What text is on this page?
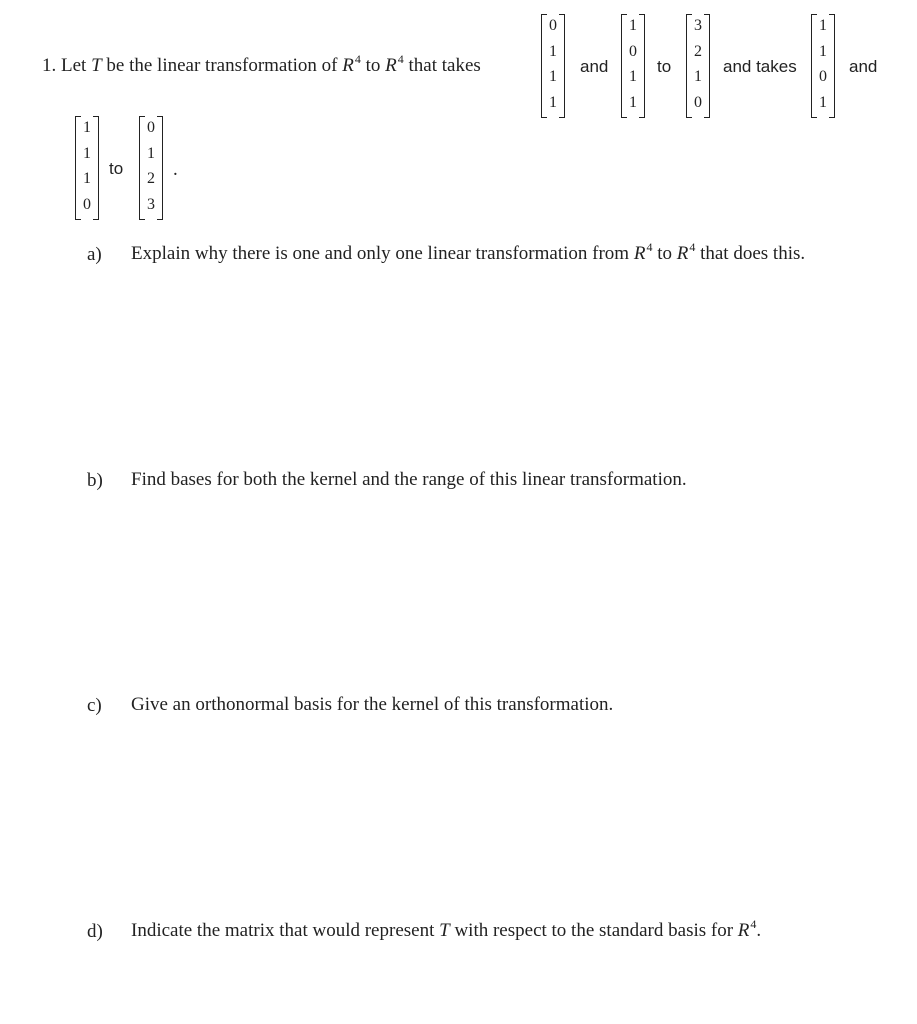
1. Let T be the linear transformation of $R^4$ to $R^4$ that takes
0
1
1
1
and
1
0
1
1
to
3
2
1
0
and takes
1
1
0
1
and
1
1
1
0
to
0
1
2
3
.
a) Explain why there is one and only one linear transformation from $R^4$ to $R^4$ that does this.
b) Find bases for both the kernel and the range of this linear transformation.
c) Give an orthonormal basis for the kernel of this transformation.
d) Indicate the matrix that would represent T with respect to the standard basis for $R^4$.
